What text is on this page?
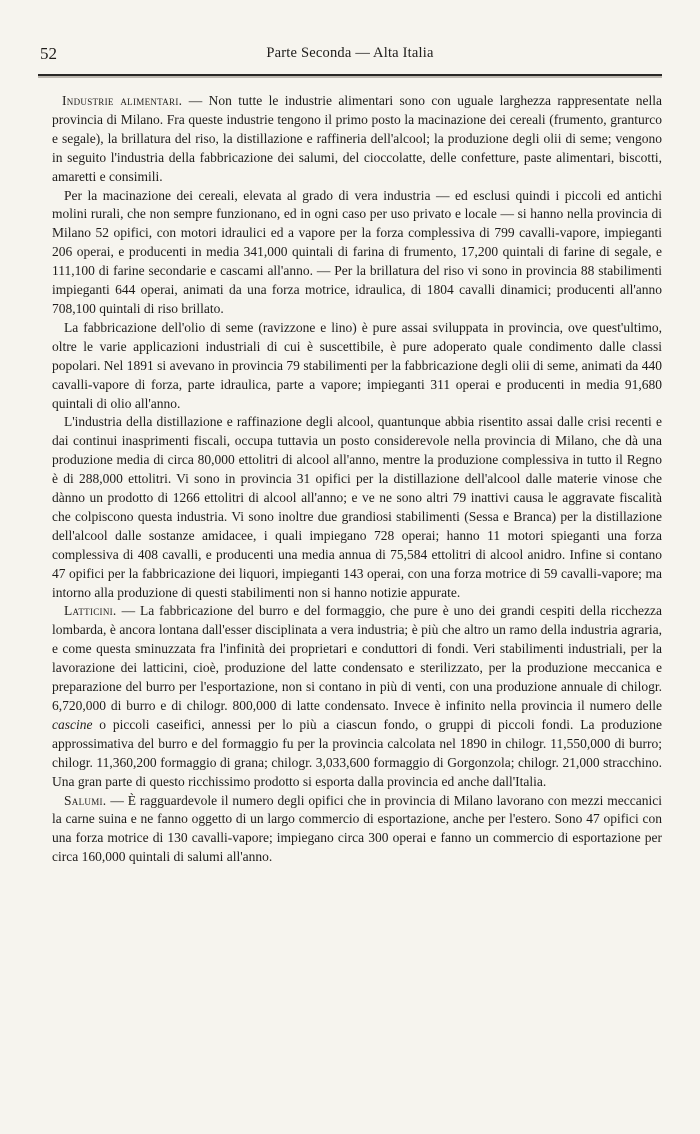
52	Parte Seconda — Alta Italia

Industrie alimentari. — Non tutte le industrie alimentari sono con uguale larghezza rappresentate nella provincia di Milano. Fra queste industrie tengono il primo posto la macinazione dei cereali (frumento, granturco e segale), la brillatura del riso, la distillazione e raffineria dell'alcool; la produzione degli olii di seme; vengono in seguito l'industria della fabbricazione dei salumi, del cioccolatte, delle confetture, paste alimentari, biscotti, amaretti e consimili.

Per la macinazione dei cereali, elevata al grado di vera industria — ed esclusi quindi i piccoli ed antichi molini rurali, che non sempre funzionano, ed in ogni caso per uso privato e locale — si hanno nella provincia di Milano 52 opifici, con motori idraulici ed a vapore per la forza complessiva di 799 cavalli-vapore, impieganti 206 operai, e producenti in media 341,000 quintali di farina di frumento, 17,200 quintali di farine di segale, e 111,100 di farine secondarie e cascami all'anno. — Per la brillatura del riso vi sono in provincia 88 stabilimenti impieganti 644 operai, animati da una forza motrice, idraulica, di 1804 cavalli dinamici; producenti all'anno 708,100 quintali di riso brillato.

La fabbricazione dell'olio di seme (ravizzone e lino) è pure assai sviluppata in provincia, ove quest'ultimo, oltre le varie applicazioni industriali di cui è suscettibile, è pure adoperato quale condimento dalle classi popolari. Nel 1891 si avevano in provincia 79 stabilimenti per la fabbricazione degli olii di seme, animati da 440 cavalli-vapore di forza, parte idraulica, parte a vapore; impieganti 311 operai e producenti in media 91,680 quintali di olio all'anno.

L'industria della distillazione e raffinazione degli alcool, quantunque abbia risentito assai dalle crisi recenti e dai continui inasprimenti fiscali, occupa tuttavia un posto considerevole nella provincia di Milano, che dà una produzione media di circa 80,000 ettolitri di alcool all'anno, mentre la produzione complessiva in tutto il Regno è di 288,000 ettolitri. Vi sono in provincia 31 opifici per la distillazione dell'alcool dalle materie vinose che dànno un prodotto di 1266 ettolitri di alcool all'anno; e ve ne sono altri 79 inattivi causa le aggravate fiscalità che colpiscono questa industria. Vi sono inoltre due grandiosi stabilimenti (Sessa e Branca) per la distillazione dell'alcool dalle sostanze amidacee, i quali impiegano 728 operai; hanno 11 motori spieganti una forza complessiva di 408 cavalli, e producenti una media annua di 75,584 ettolitri di alcool anidro. Infine si contano 47 opifici per la fabbricazione dei liquori, impieganti 143 operai, con una forza motrice di 59 cavalli-vapore; ma intorno alla produzione di questi stabilimenti non si hanno notizie appurate.

Latticini. — La fabbricazione del burro e del formaggio, che pure è uno dei grandi cespiti della ricchezza lombarda, è ancora lontana dall'esser disciplinata a vera industria; è più che altro un ramo della industria agraria, e come questa sminuzzata fra l'infinità dei proprietari e conduttori di fondi. Veri stabilimenti industriali, per la lavorazione dei latticini, cioè, produzione del latte condensato e sterilizzato, per la produzione meccanica e preparazione del burro per l'esportazione, non si contano in più di venti, con una produzione annuale di chilogr. 6,720,000 di burro e di chilogr. 800,000 di latte condensato. Invece è infinito nella provincia il numero delle cascine o piccoli caseifici, annessi per lo più a ciascun fondo, o gruppi di piccoli fondi. La produzione approssimativa del burro e del formaggio fu per la provincia calcolata nel 1890 in chilogr. 11,550,000 di burro; chilogr. 11,360,200 formaggio di grana; chilogr. 3,033,600 formaggio di Gorgonzola; chilogr. 21,000 stracchino. Una gran parte di questo ricchissimo prodotto si esporta dalla provincia ed anche dall'Italia.

Salumi. — È ragguardevole il numero degli opifici che in provincia di Milano lavorano con mezzi meccanici la carne suina e ne fanno oggetto di un largo commercio di esportazione, anche per l'estero. Sono 47 opifici con una forza motrice di 130 cavalli-vapore; impiegano circa 300 operai e fanno un commercio di esportazione per circa 160,000 quintali di salumi all'anno.
